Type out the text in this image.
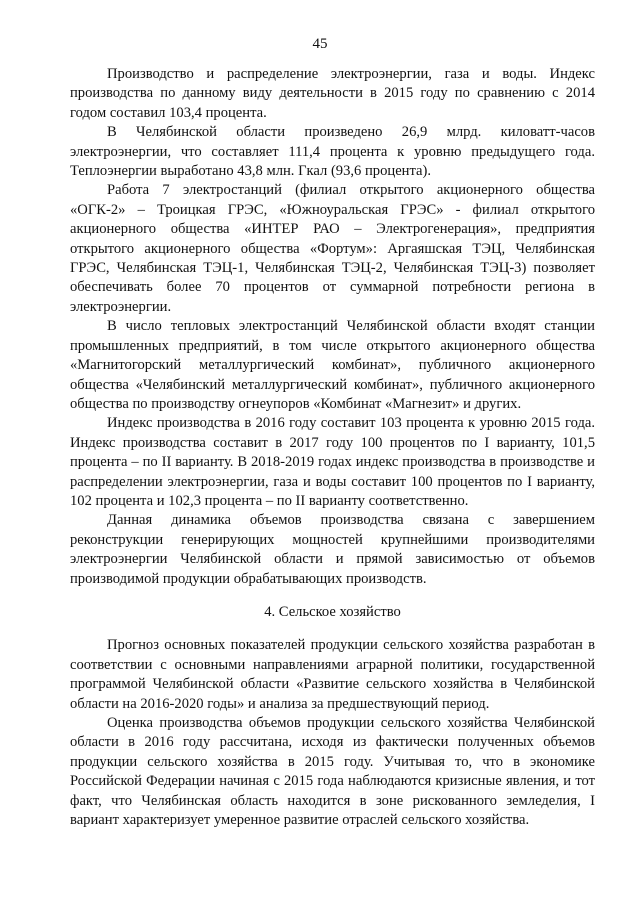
45

Производство и распределение электроэнергии, газа и воды. Индекс производства по данному виду деятельности в 2015 году по сравнению с 2014 годом составил 103,4 процента.

В Челябинской области произведено 26,9 млрд. киловатт-часов электроэнергии, что составляет 111,4 процента к уровню предыдущего года. Теплоэнергии выработано 43,8 млн. Гкал (93,6 процента).

Работа 7 электростанций (филиал открытого акционерного общества «ОГК-2» – Троицкая ГРЭС, «Южноуральская ГРЭС» - филиал открытого акционерного общества «ИНТЕР РАО – Электрогенерация», предприятия открытого акционерного общества «Фортум»: Аргаяшская ТЭЦ, Челябинская ГРЭС, Челябинская ТЭЦ-1, Челябинская ТЭЦ-2, Челябинская ТЭЦ-3) позволяет обеспечивать более 70 процентов от суммарной потребности региона в электроэнергии.

В число тепловых электростанций Челябинской области входят станции промышленных предприятий, в том числе открытого акционерного общества «Магнитогорский металлургический комбинат», публичного акционерного общества «Челябинский металлургический комбинат», публичного акционерного общества по производству огнеупоров «Комбинат «Магнезит» и других.

Индекс производства в 2016 году составит 103 процента к уровню 2015 года. Индекс производства составит в 2017 году 100 процентов по I варианту, 101,5 процента – по II варианту. В 2018-2019 годах индекс производства в производстве и распределении электроэнергии, газа и воды составит 100 процентов по I варианту, 102 процента и 102,3 процента – по II варианту соответственно.

Данная динамика объемов производства связана с завершением реконструкции генерирующих мощностей крупнейшими производителями электроэнергии Челябинской области и прямой зависимостью от объемов производимой продукции обрабатывающих производств.

4. Сельское хозяйство

Прогноз основных показателей продукции сельского хозяйства разработан в соответствии с основными направлениями аграрной политики, государственной программой Челябинской области «Развитие сельского хозяйства в Челябинской области на 2016-2020 годы» и анализа за предшествующий период.

Оценка производства объемов продукции сельского хозяйства Челябинской области в 2016 году рассчитана, исходя из фактически полученных объемов продукции сельского хозяйства в 2015 году. Учитывая то, что в экономике Российской Федерации начиная с 2015 года наблюдаются кризисные явления, и тот факт, что Челябинская область находится в зоне рискованного земледелия, I вариант характеризует умеренное развитие отраслей сельского хозяйства.
